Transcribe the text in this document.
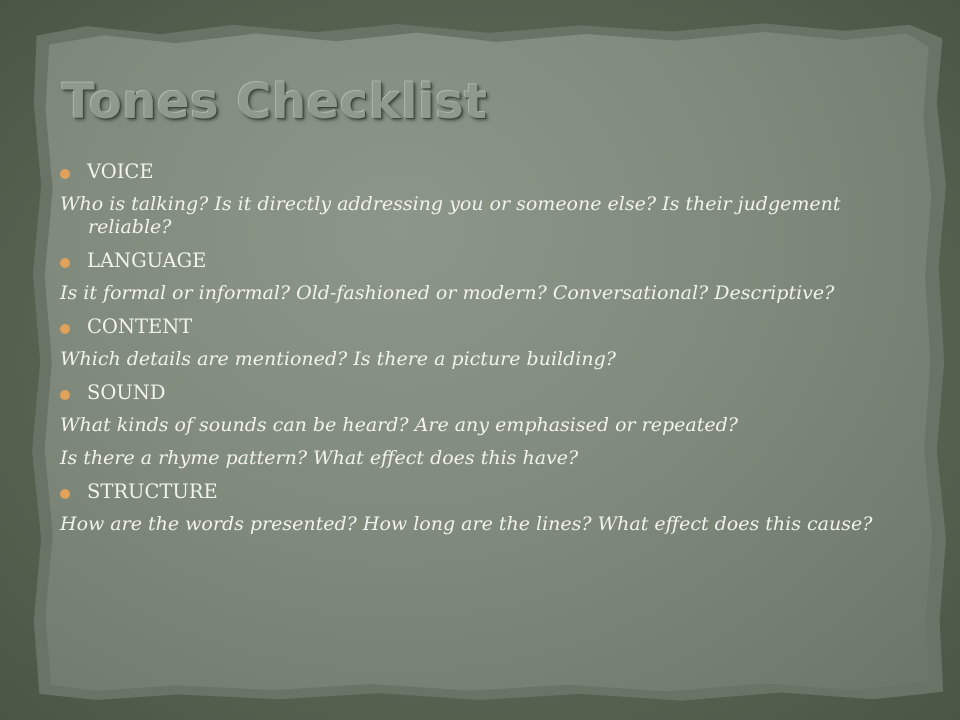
Tones Checklist
VOICE
Who is talking? Is it directly addressing you or someone else? Is their judgement reliable?
LANGUAGE
Is it formal or informal? Old-fashioned or modern? Conversational? Descriptive?
CONTENT
Which details are mentioned? Is there a picture building?
SOUND
What kinds of sounds can be heard? Are any emphasised or repeated?
Is there a rhyme pattern? What effect does this have?
STRUCTURE
How are the words presented? How long are the lines? What effect does this cause?
